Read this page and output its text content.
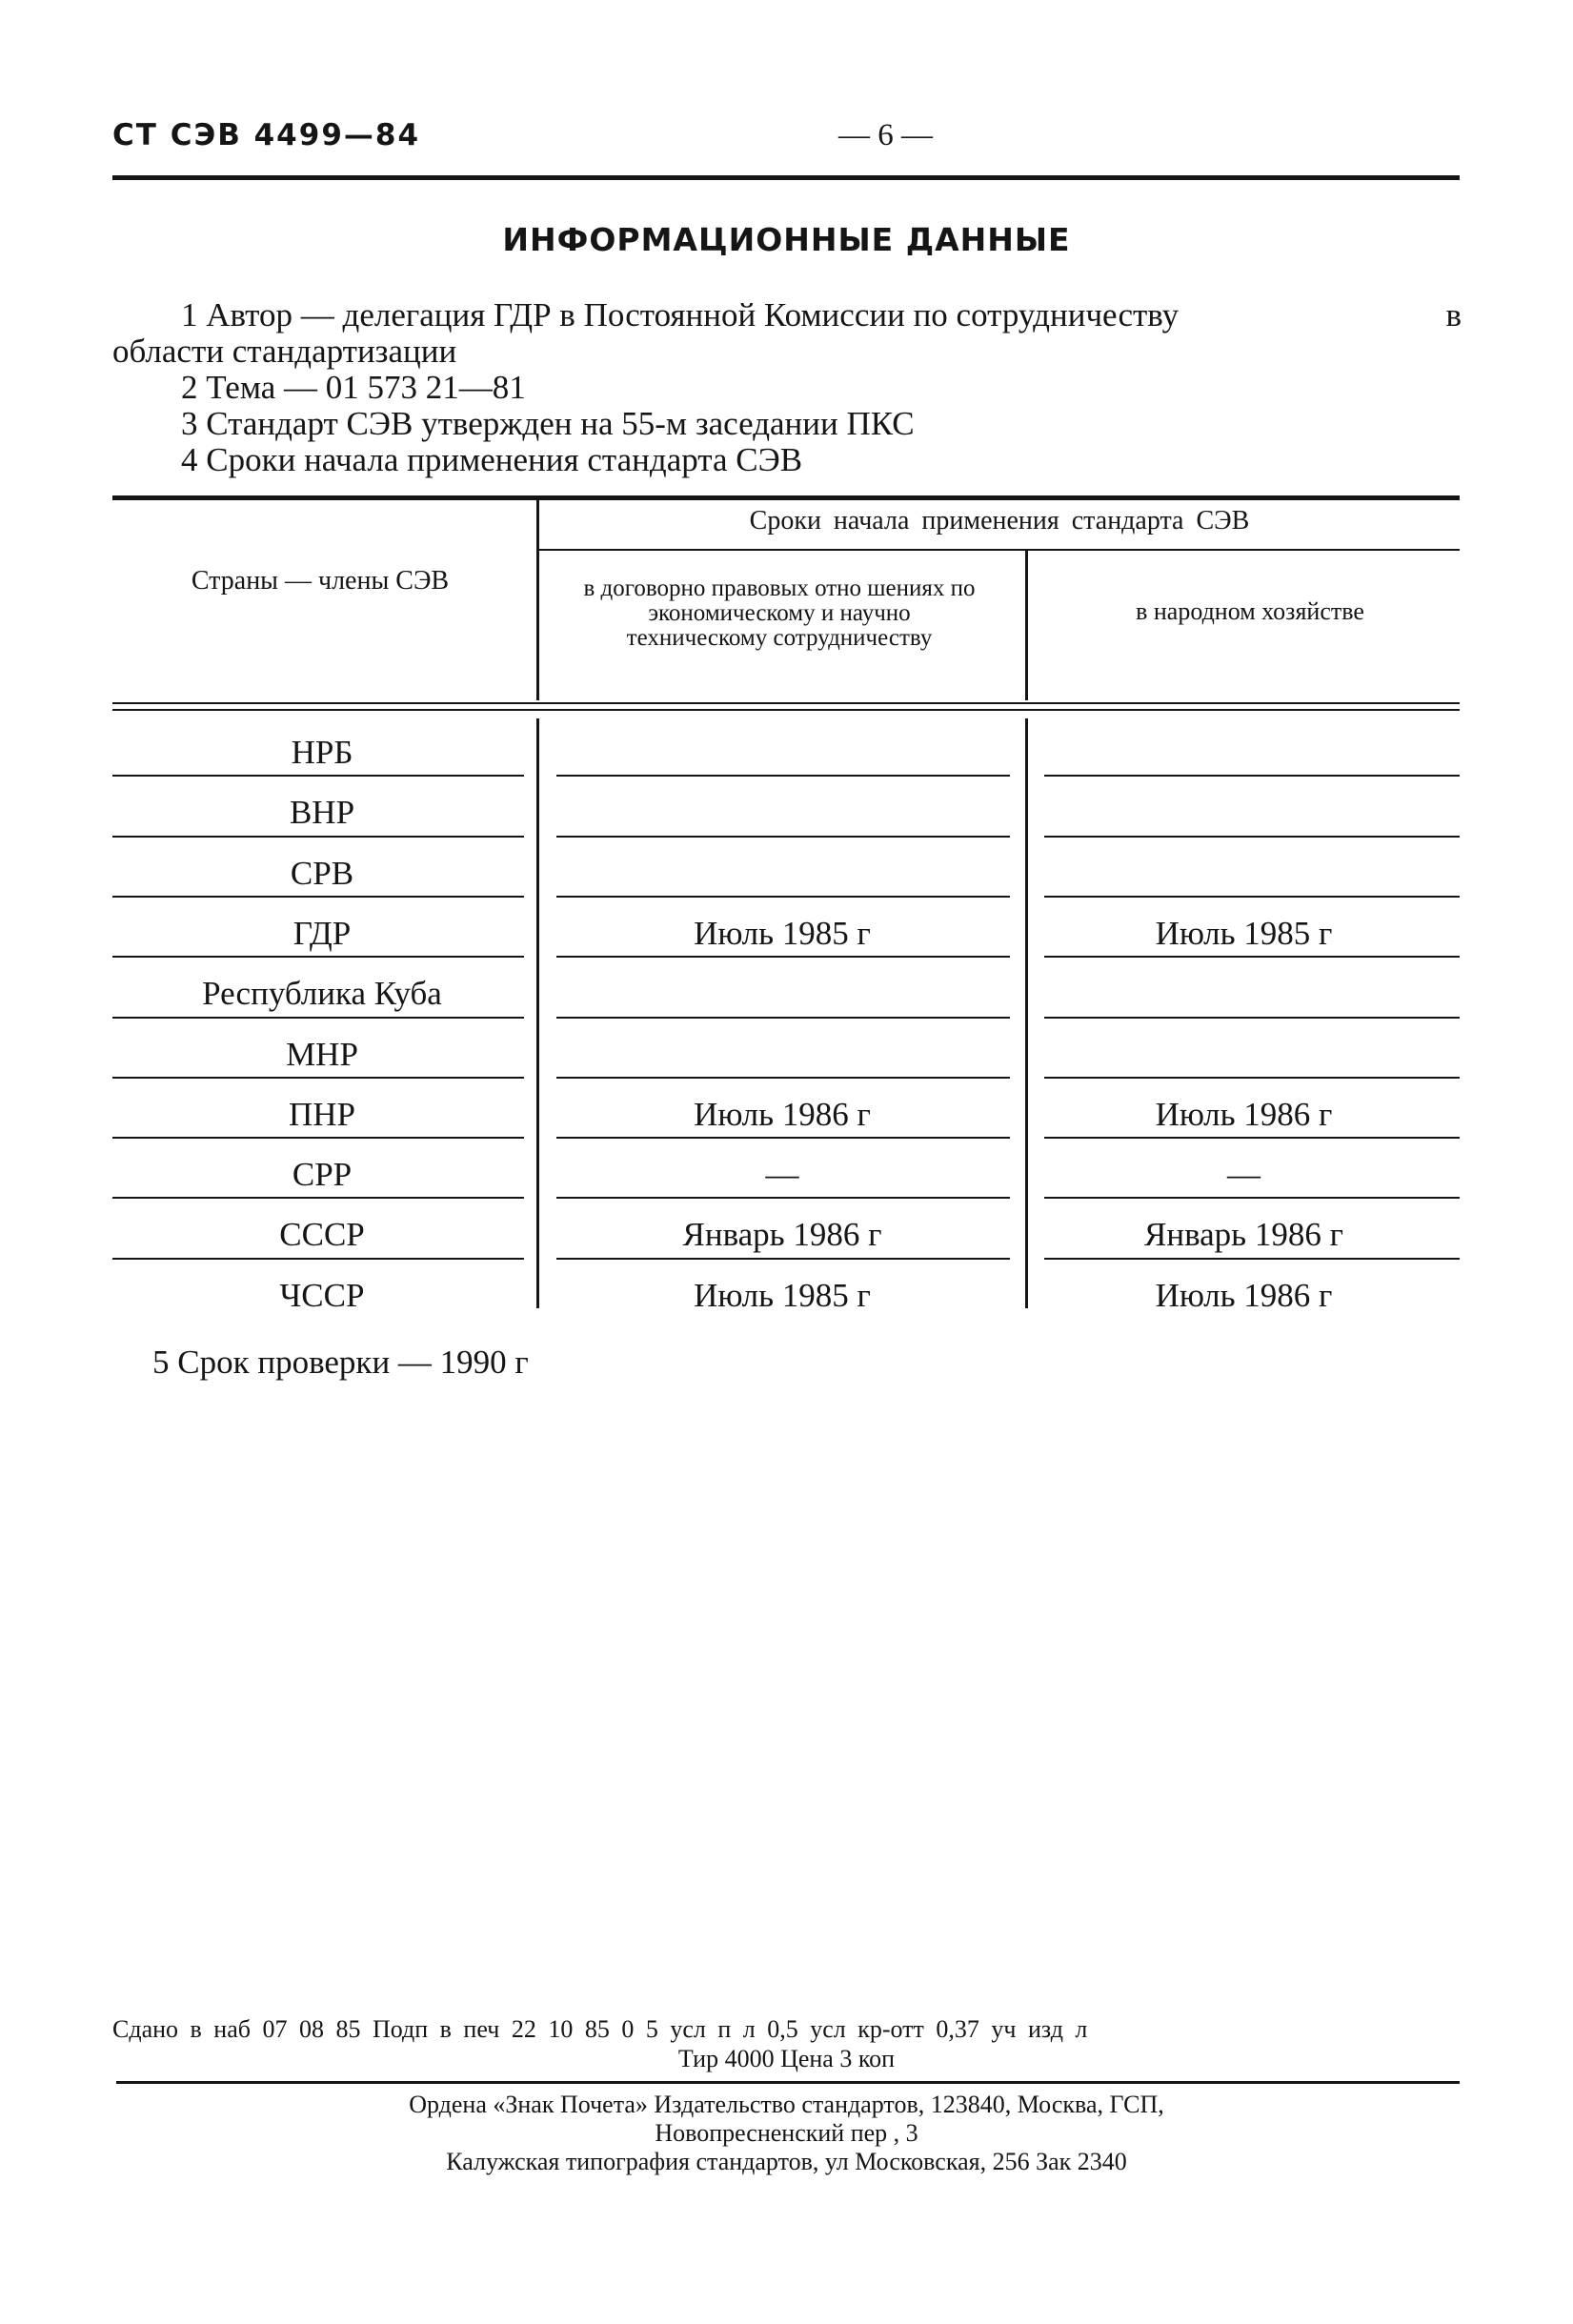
СТ СЭВ 4499—84	— 6 —
ИНФОРМАЦИОННЫЕ ДАННЫЕ
1 Автор — делегация ГДР в Постоянной Комиссии по сотрудничеству	в
области стандартизации
2 Тема — 01 573 21—81
3 Стандарт СЭВ утвержден на 55-м заседании ПКС
4 Сроки начала применения стандарта СЭВ
Сроки начала применения стандарта СЭВ
Страны — члены СЭВ	в договорно правовых отно шениях по экономическому и научно техническому сотрудничеству
в народном хозяйстве
НРБ
ВНР
СРВ
ГДР	Июль 1985 г	Июль 1985 г
Республика Куба
МНР
ПНР	Июль 1986 г	Июль 1986 г
СРР	—	—
СССР	Январь 1986 г	Январь 1986 г
ЧССР	Июль 1985 г	Июль 1986 г
5 Срок проверки — 1990 г
Сдано в наб 07 08 85 Подп в печ 22 10 85 0 5 усл п л 0,5 усл кр-отт 0,37 уч изд л
Тир 4000 Цена 3 коп
Ордена «Знак Почета» Издательство стандартов, 123840, Москва, ГСП,
Новопресненский пер , 3
Калужская типография стандартов, ул Московская, 256 Зак 2340
